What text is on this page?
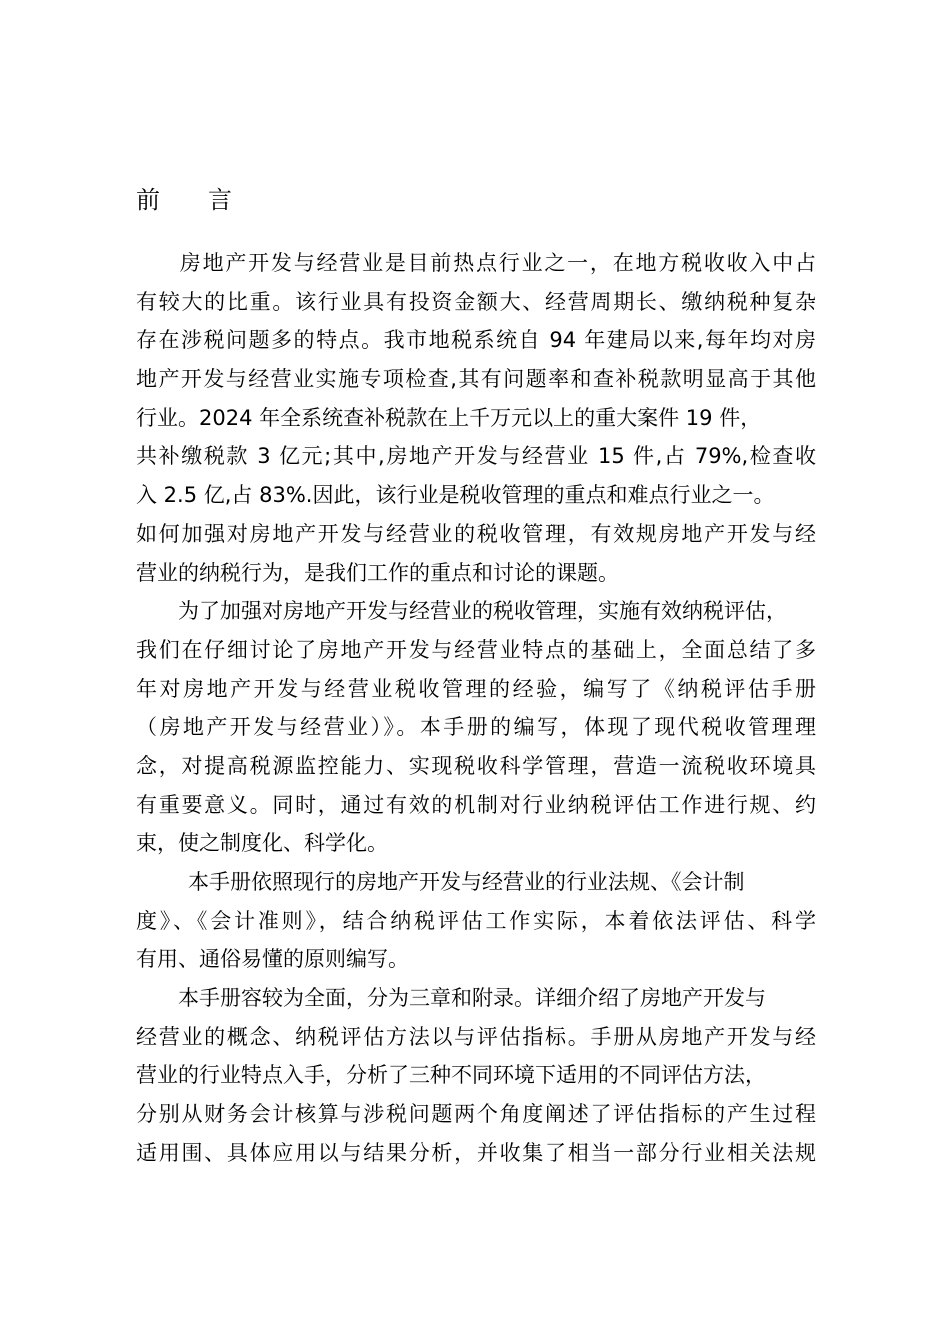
前　　言
房地产开发与经营业是目前热点行业之一，在地方税收收入中占
有较大的比重。该行业具有投资金额大、经营周期长、缴纳税种复杂
存在涉税问题多的特点。我市地税系统自 94 年建局以来,每年均对房
地产开发与经营业实施专项检查,其有问题率和查补税款明显高于其他
行业。2024 年全系统查补税款在上千万元以上的重大案件 19 件，
共补缴税款 3 亿元;其中,房地产开发与经营业 15 件,占 79%,检查收
入 2.5 亿,占 83%.因此，该行业是税收管理的重点和难点行业之一。
如何加强对房地产开发与经营业的税收管理，有效规房地产开发与经
营业的纳税行为，是我们工作的重点和讨论的课题。
为了加强对房地产开发与经营业的税收管理，实施有效纳税评估，
我们在仔细讨论了房地产开发与经营业特点的基础上，全面总结了多
年对房地产开发与经营业税收管理的经验，编写了《纳税评估手册
（房地产开发与经营业）》。本手册的编写，体现了现代税收管理理
念，对提高税源监控能力、实现税收科学管理，营造一流税收环境具
有重要意义。同时，通过有效的机制对行业纳税评估工作进行规、约
束，使之制度化、科学化。
本手册依照现行的房地产开发与经营业的行业法规、《会计制
度》、《会计准则》，结合纳税评估工作实际，本着依法评估、科学
有用、通俗易懂的原则编写。
本手册容较为全面，分为三章和附录。详细介绍了房地产开发与
经营业的概念、纳税评估方法以与评估指标。手册从房地产开发与经
营业的行业特点入手，分析了三种不同环境下适用的不同评估方法，
分别从财务会计核算与涉税问题两个角度阐述了评估指标的产生过程
适用围、具体应用以与结果分析，并收集了相当一部分行业相关法规
